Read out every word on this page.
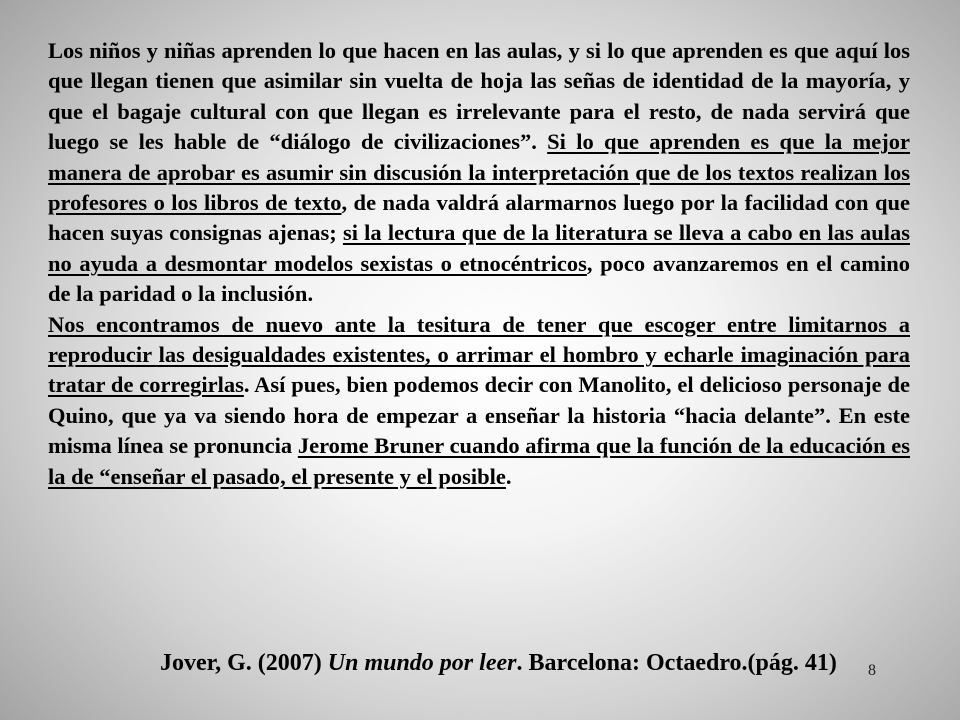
Los niños y niñas aprenden lo que hacen en las aulas, y si lo que aprenden es que aquí los que llegan tienen que asimilar sin vuelta de hoja las señas de identidad de la mayoría, y que el bagaje cultural con que llegan es irrelevante para el resto, de nada servirá que luego se les hable de “diálogo de civilizaciones”. Si lo que aprenden es que la mejor manera de aprobar es asumir sin discusión la interpretación que de los textos realizan los profesores o los libros de texto, de nada valdrá alarmarnos luego por la facilidad con que hacen suyas consignas ajenas; si la lectura que de la literatura se lleva a cabo en las aulas no ayuda a desmontar modelos sexistas o etnocéntricos, poco avanzaremos en el camino de la paridad o la inclusión.

Nos encontramos de nuevo ante la tesitura de tener que escoger entre limitarnos a reproducir las desigualdades existentes, o arrimar el hombro y echarle imaginación para tratar de corregirlas. Así pues, bien podemos decir con Manolito, el delicioso personaje de Quino, que ya va siendo hora de empezar a enseñar la historia “hacia delante”. En este misma línea se pronuncia Jerome Bruner cuando afirma que la función de la educación es la de “enseñar el pasado, el presente y el posible.

Jover, G. (2007) Un mundo por leer. Barcelona: Octaedro.(pág. 41) 8
